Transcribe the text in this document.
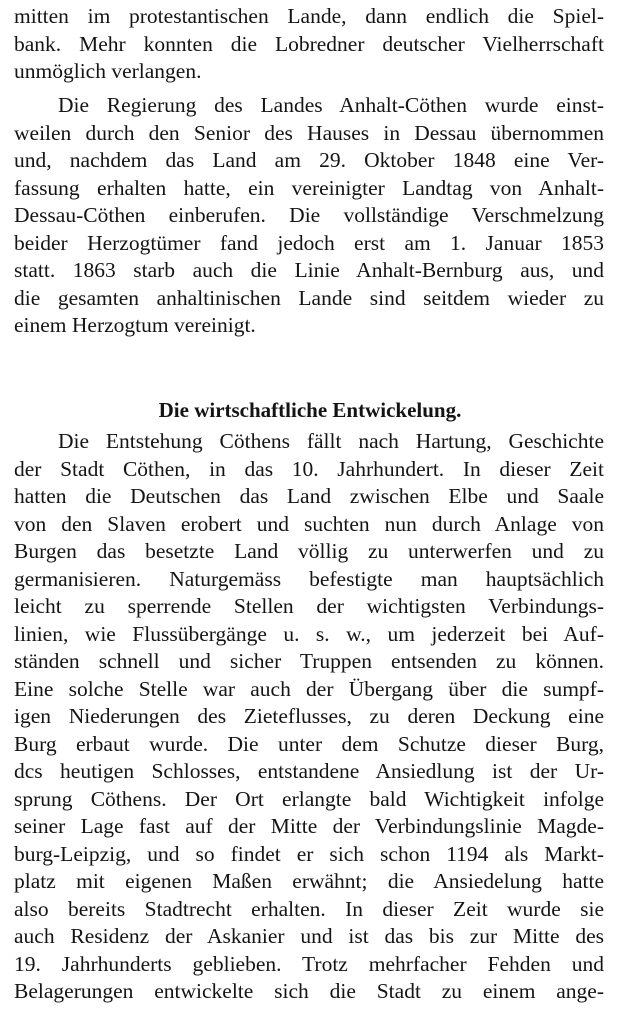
mitten im protestantischen Lande, dann endlich die Spiel-
bank. Mehr konnten die Lobredner deutscher Vielherrschaft
unmöglich verlangen.
Die Regierung des Landes Anhalt-Cöthen wurde einst-
weilen durch den Senior des Hauses in Dessau übernommen
und, nachdem das Land am 29. Oktober 1848 eine Ver-
fassung erhalten hatte, ein vereinigter Landtag von Anhalt-
Dessau-Cöthen einberufen. Die vollständige Verschmelzung
beider Herzogtümer fand jedoch erst am 1. Januar 1853
statt. 1863 starb auch die Linie Anhalt-Bernburg aus, und
die gesamten anhaltinischen Lande sind seitdem wieder zu
einem Herzogtum vereinigt.
Die wirtschaftliche Entwickelung.
Die Entstehung Cöthens fällt nach Hartung, Geschichte
der Stadt Cöthen, in das 10. Jahrhundert. In dieser Zeit
hatten die Deutschen das Land zwischen Elbe und Saale
von den Slaven erobert und suchten nun durch Anlage von
Burgen das besetzte Land völlig zu unterwerfen und zu
germanisieren. Naturgemäss befestigte man hauptsächlich
leicht zu sperrende Stellen der wichtigsten Verbindungs-
linien, wie Flussübergänge u. s. w., um jederzeit bei Auf-
ständen schnell und sicher Truppen entsenden zu können.
Eine solche Stelle war auch der Übergang über die sumpf-
igen Niederungen des Zieteflusses, zu deren Deckung eine
Burg erbaut wurde. Die unter dem Schutze dieser Burg,
dcs heutigen Schlosses, entstandene Ansiedlung ist der Ur-
sprung Cöthens. Der Ort erlangte bald Wichtigkeit infolge
seiner Lage fast auf der Mitte der Verbindungslinie Magde-
burg-Leipzig, und so findet er sich schon 1194 als Markt-
platz mit eigenen Maßen erwähnt; die Ansiedelung hatte
also bereits Stadtrecht erhalten. In dieser Zeit wurde sie
auch Residenz der Askanier und ist das bis zur Mitte des
19. Jahrhunderts geblieben. Trotz mehrfacher Fehden und
Belagerungen entwickelte sich die Stadt zu einem ange-
